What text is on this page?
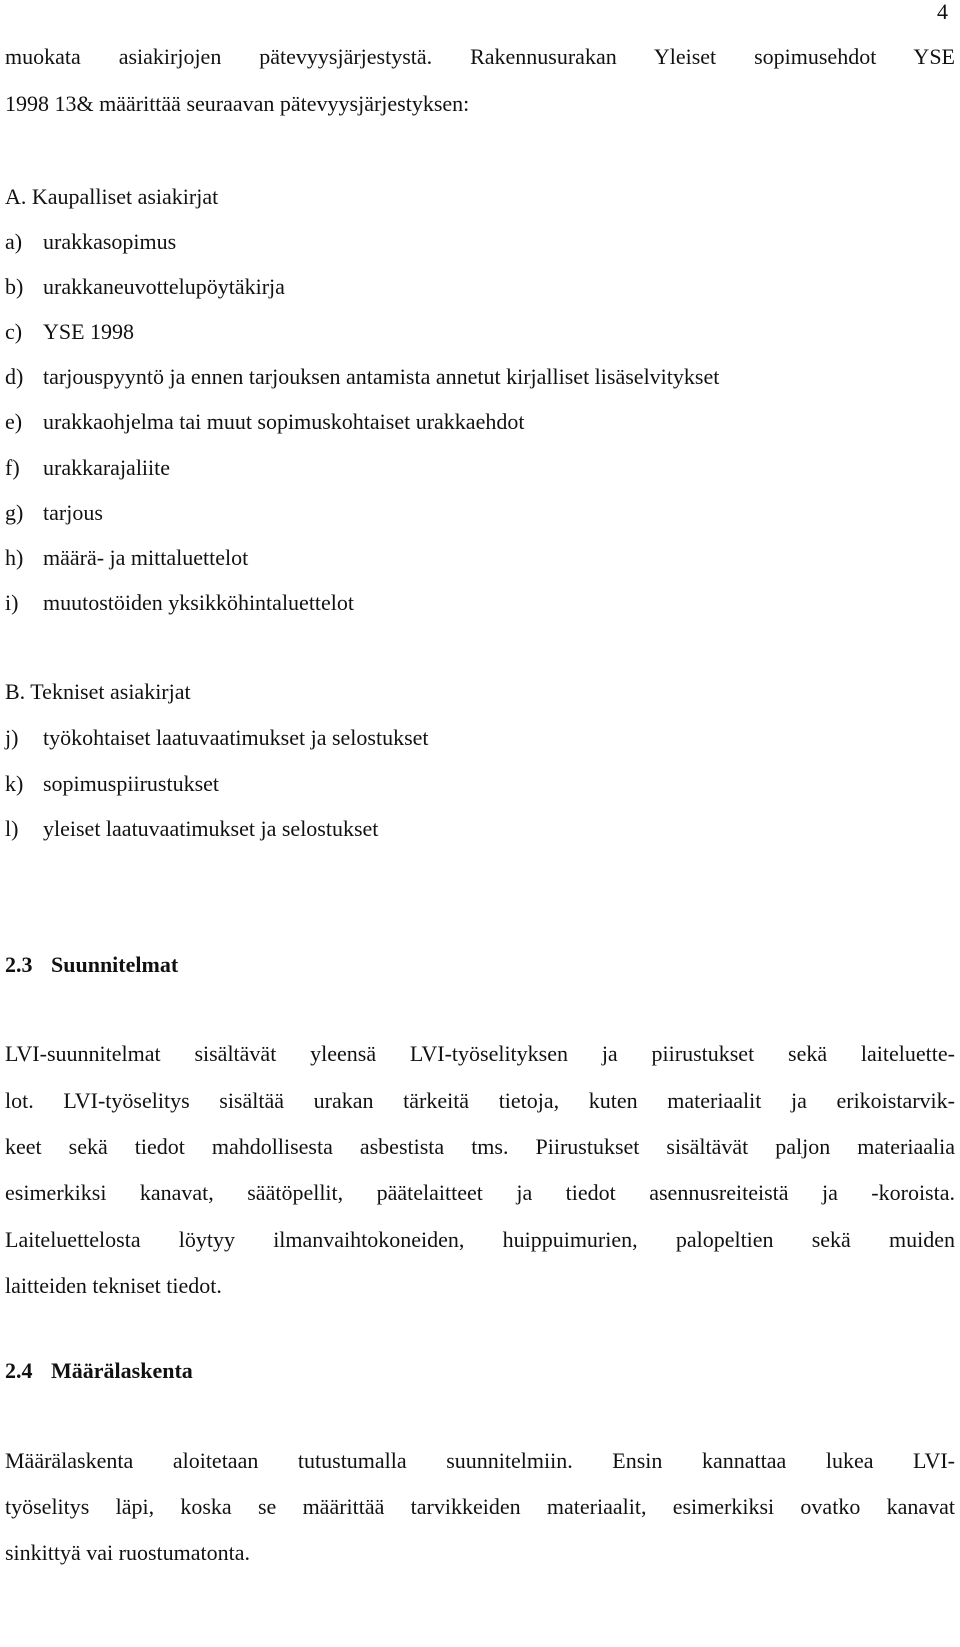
4
muokata asiakirjojen pätevyysjärjestystä. Rakennusurakan Yleiset sopimusehdot YSE
1998 13& määrittää seuraavan pätevyysjärjestyksen:
A. Kaupalliset asiakirjat
a) urakkasopimus
b) urakkaneuvottelupöytäkirja
c) YSE 1998
d) tarjouspyyntö ja ennen tarjouksen antamista annetut kirjalliset lisäselvitykset
e) urakkaohjelma tai muut sopimuskohtaiset urakkaehdot
f) urakkarajaliite
g) tarjous
h) määrä- ja mittaluettelot
i) muutostöiden yksikköhintaluettelot
B. Tekniset asiakirjat
j) työkohtaiset laatuvaatimukset ja selostukset
k) sopimuspiirustukset
l) yleiset laatuvaatimukset ja selostukset
2.3 Suunnitelmat
LVI-suunnitelmat sisältävät yleensä LVI-työselityksen ja piirustukset sekä laiteluette-
lot. LVI-työselitys sisältää urakan tärkeitä tietoja, kuten materiaalit ja erikoistarvik-
keet sekä tiedot mahdollisesta asbestista tms. Piirustukset sisältävät paljon materiaalia
esimerkiksi kanavat, säätöpellit, päätelaitteet ja tiedot asennusreiteistä ja -koroista.
Laiteluettelosta löytyy ilmanvaihtokoneiden, huippuimurien, palopeltien sekä muiden
laitteiden tekniset tiedot.
2.4 Määrälaskenta
Määrälaskenta aloitetaan tutustumalla suunnitelmiin. Ensin kannattaa lukea LVI-
työselitys läpi, koska se määrittää tarvikkeiden materiaalit, esimerkiksi ovatko kanavat
sinkittyä vai ruostumatonta.
